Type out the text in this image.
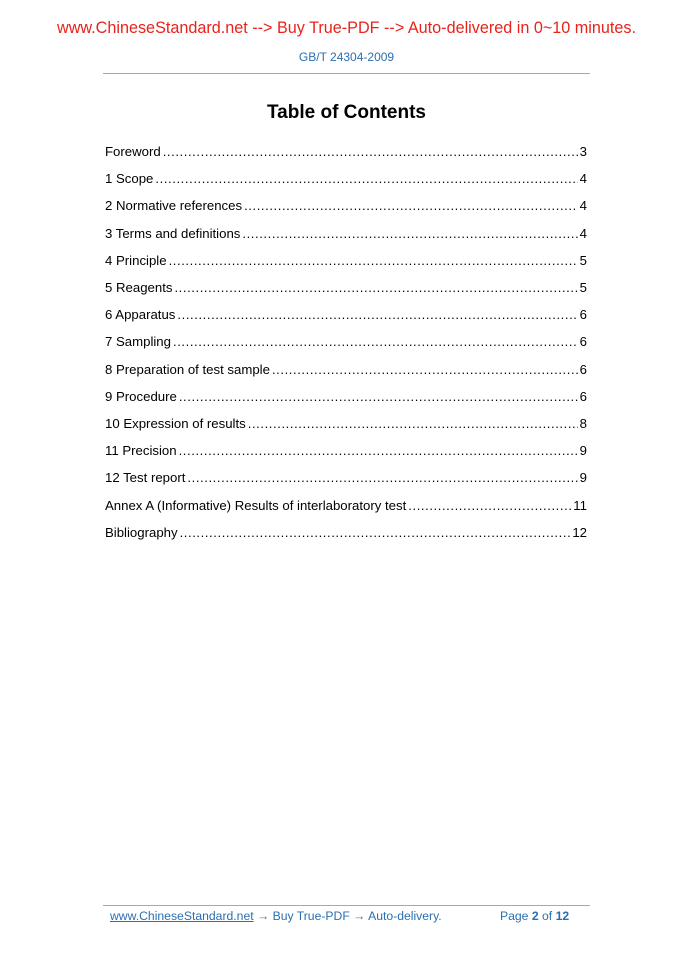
www.ChineseStandard.net --> Buy True-PDF --> Auto-delivered in 0~10 minutes.
GB/T 24304-2009
Table of Contents
Foreword .....	3
1 Scope .....	4
2 Normative references .....	4
3 Terms and definitions .....	4
4 Principle .....	5
5 Reagents .....	5
6 Apparatus .....	6
7 Sampling .....	6
8 Preparation of test sample .....	6
9 Procedure .....	6
10 Expression of results .....	8
11 Precision .....	9
12 Test report .....	9
Annex A (Informative) Results of interlaboratory test .....	11
Bibliography .....	12
www.ChineseStandard.net → Buy True-PDF → Auto-delivery.	Page 2 of 12
